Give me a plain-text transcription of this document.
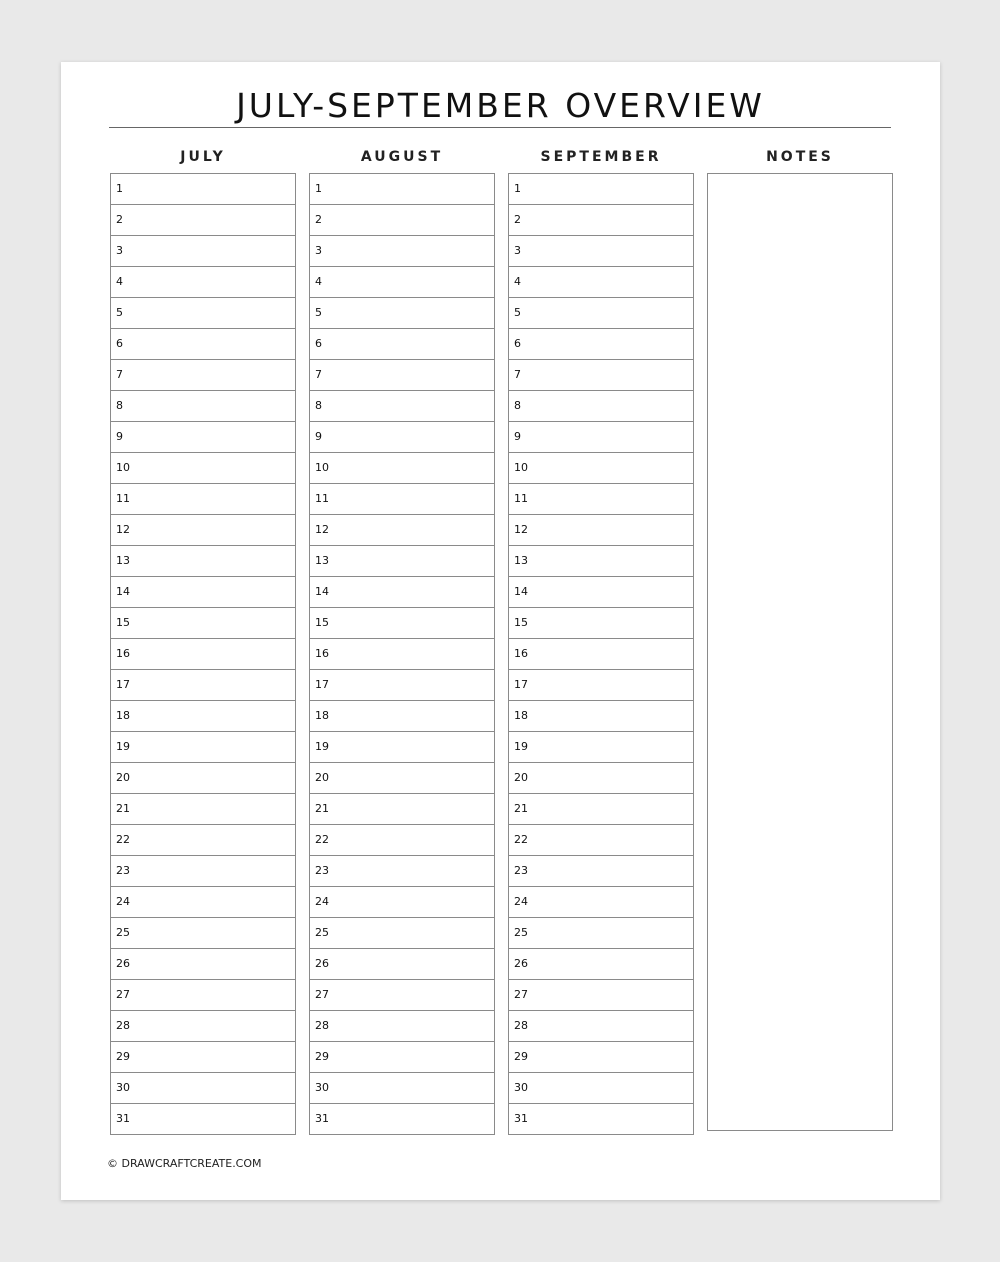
JULY-SEPTEMBER OVERVIEW
JULY
1
2
3
4
5
6
7
8
9
10
11
12
13
14
15
16
17
18
19
20
21
22
23
24
25
26
27
28
29
30
31
AUGUST
1
2
3
4
5
6
7
8
9
10
11
12
13
14
15
16
17
18
19
20
21
22
23
24
25
26
27
28
29
30
31
SEPTEMBER
1
2
3
4
5
6
7
8
9
10
11
12
13
14
15
16
17
18
19
20
21
22
23
24
25
26
27
28
29
30
31
NOTES
© DRAWCRAFTCREATE.COM
